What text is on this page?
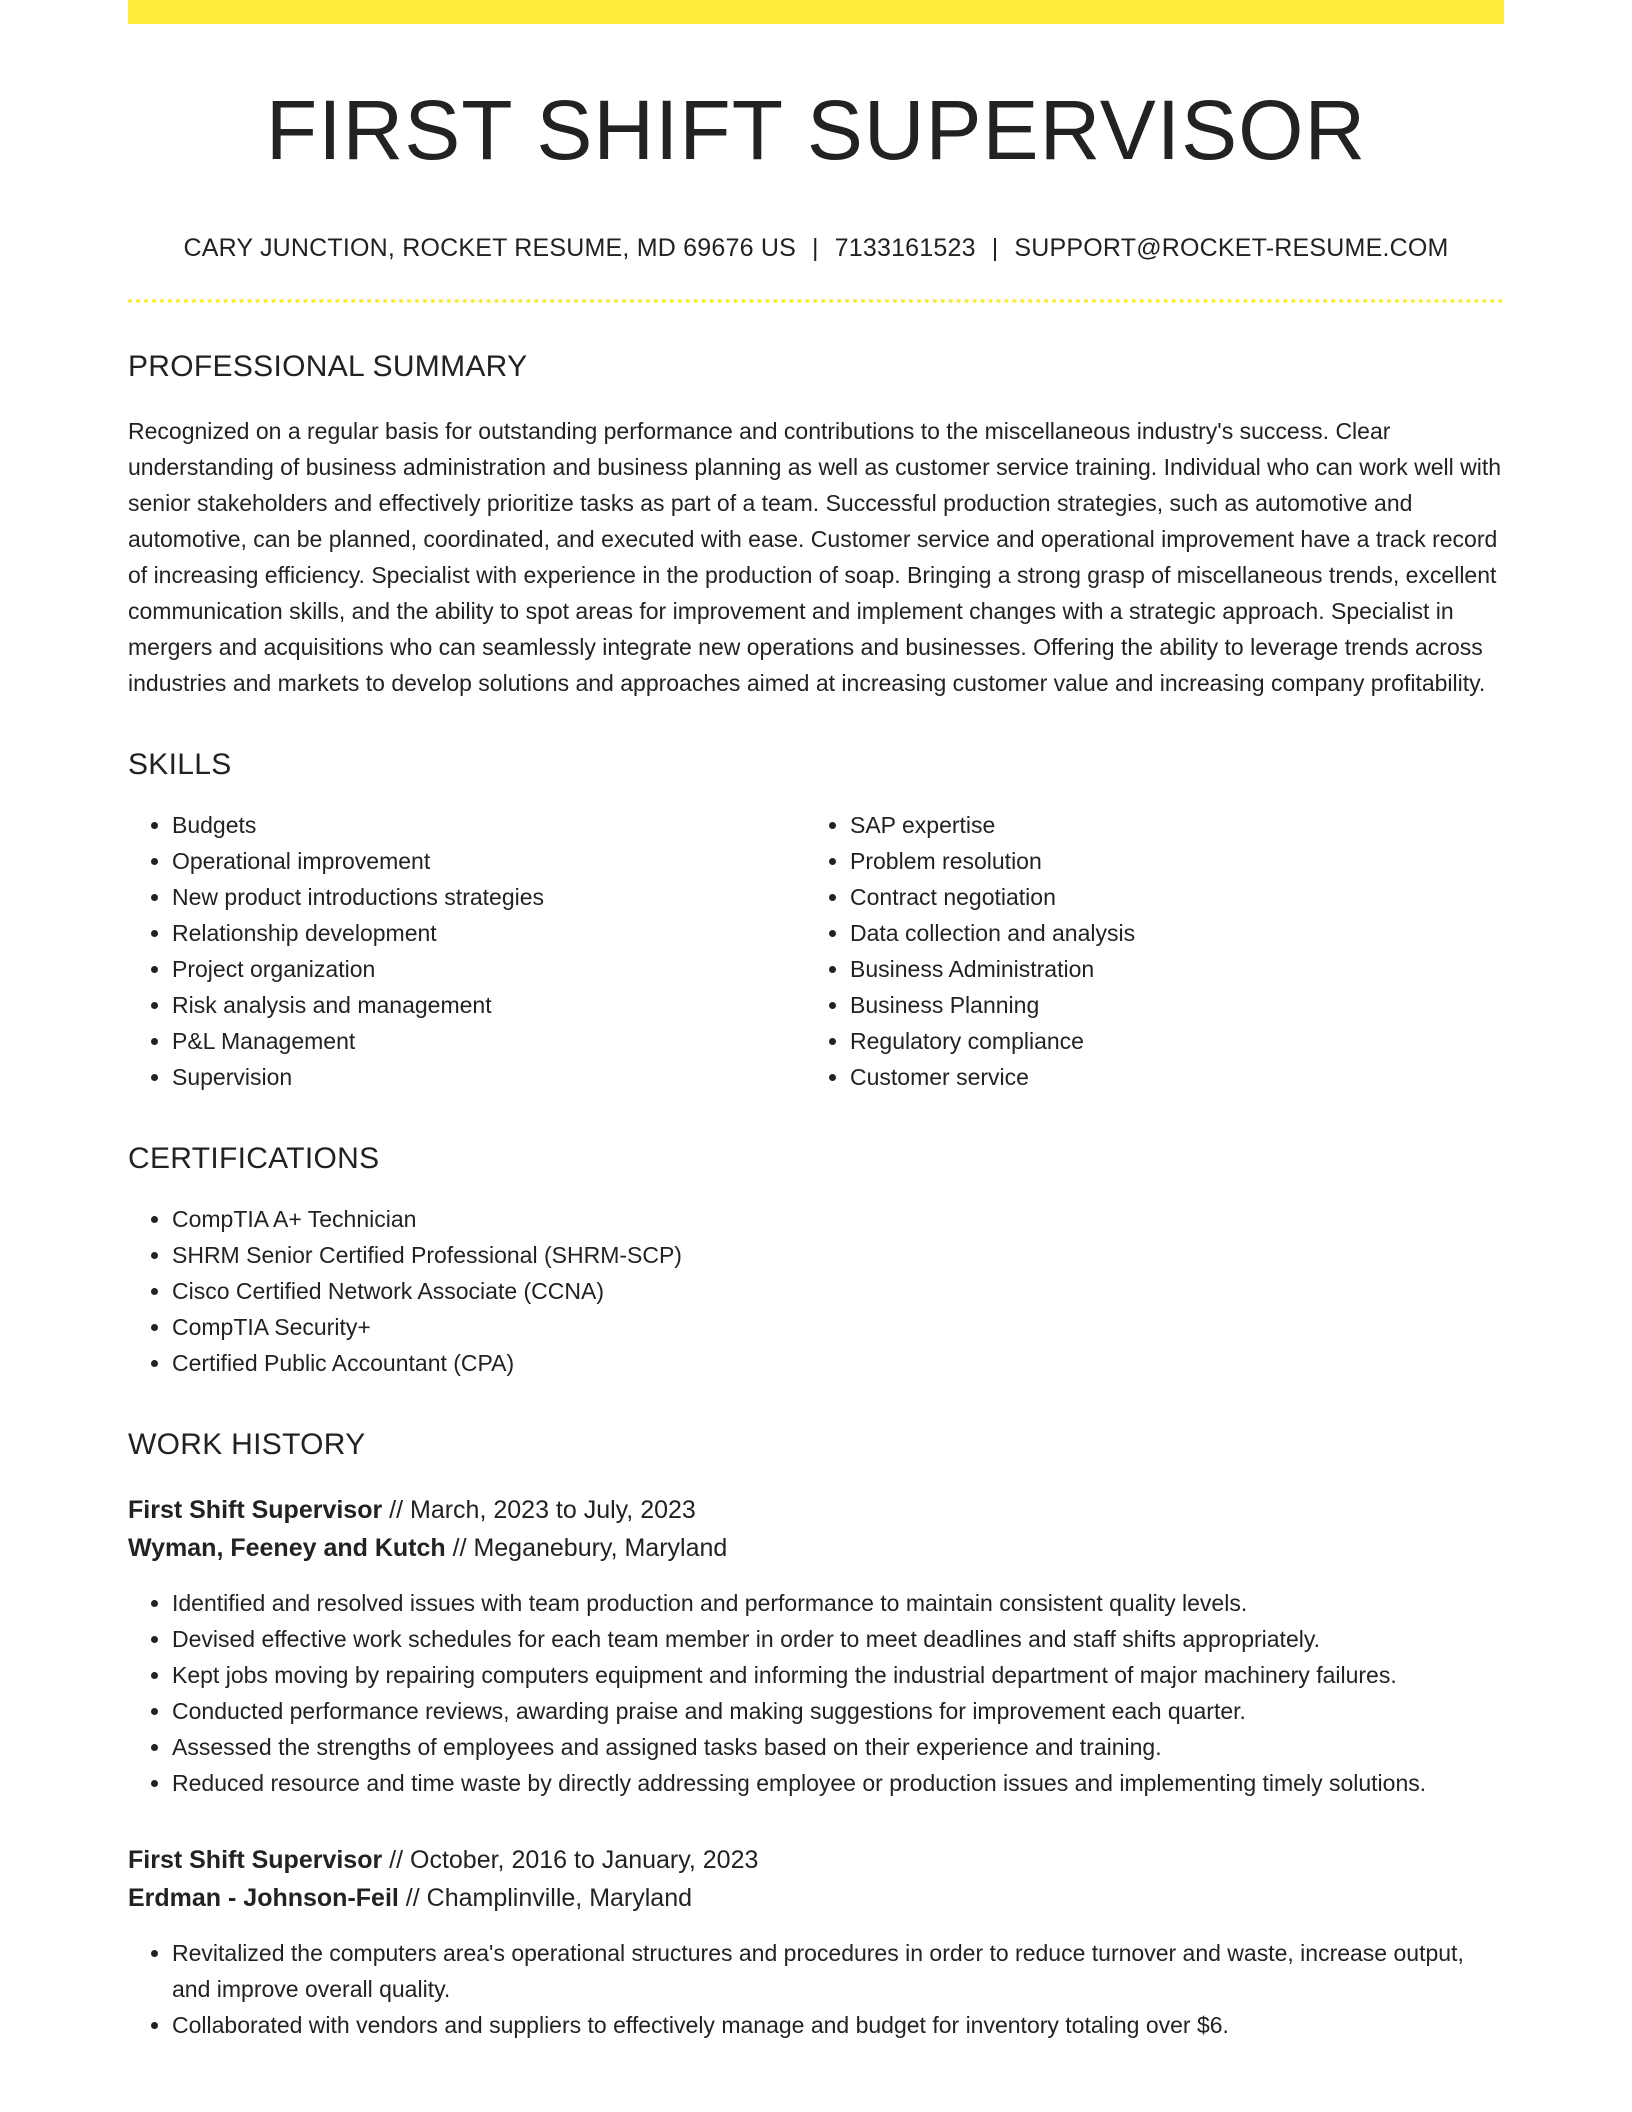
FIRST SHIFT SUPERVISOR
CARY JUNCTION, ROCKET RESUME, MD 69676 US | 7133161523 | SUPPORT@ROCKET-RESUME.COM
PROFESSIONAL SUMMARY

Recognized on a regular basis for outstanding performance and contributions to the miscellaneous industry's success. Clear understanding of business administration and business planning as well as customer service training. Individual who can work well with senior stakeholders and effectively prioritize tasks as part of a team. Successful production strategies, such as automotive and automotive, can be planned, coordinated, and executed with ease. Customer service and operational improvement have a track record of increasing efficiency. Specialist with experience in the production of soap. Bringing a strong grasp of miscellaneous trends, excellent communication skills, and the ability to spot areas for improvement and implement changes with a strategic approach. Specialist in mergers and acquisitions who can seamlessly integrate new operations and businesses. Offering the ability to leverage trends across industries and markets to develop solutions and approaches aimed at increasing customer value and increasing company profitability.

SKILLS
• Budgets
• Operational improvement
• New product introductions strategies
• Relationship development
• Project organization
• Risk analysis and management
• P&L Management
• Supervision
• SAP expertise
• Problem resolution
• Contract negotiation
• Data collection and analysis
• Business Administration
• Business Planning
• Regulatory compliance
• Customer service
CERTIFICATIONS
• CompTIA A+ Technician
• SHRM Senior Certified Professional (SHRM-SCP)
• Cisco Certified Network Associate (CCNA)
• CompTIA Security+
• Certified Public Accountant (CPA)
WORK HISTORY
First Shift Supervisor // March, 2023 to July, 2023
Wyman, Feeney and Kutch // Meganebury, Maryland
• Identified and resolved issues with team production and performance to maintain consistent quality levels.
• Devised effective work schedules for each team member in order to meet deadlines and staff shifts appropriately.
• Kept jobs moving by repairing computers equipment and informing the industrial department of major machinery failures.
• Conducted performance reviews, awarding praise and making suggestions for improvement each quarter.
• Assessed the strengths of employees and assigned tasks based on their experience and training.
• Reduced resource and time waste by directly addressing employee or production issues and implementing timely solutions.
First Shift Supervisor // October, 2016 to January, 2023
Erdman - Johnson-Feil // Champlinville, Maryland
• Revitalized the computers area's operational structures and procedures in order to reduce turnover and waste, increase output, and improve overall quality.
• Collaborated with vendors and suppliers to effectively manage and budget for inventory totaling over $6.
